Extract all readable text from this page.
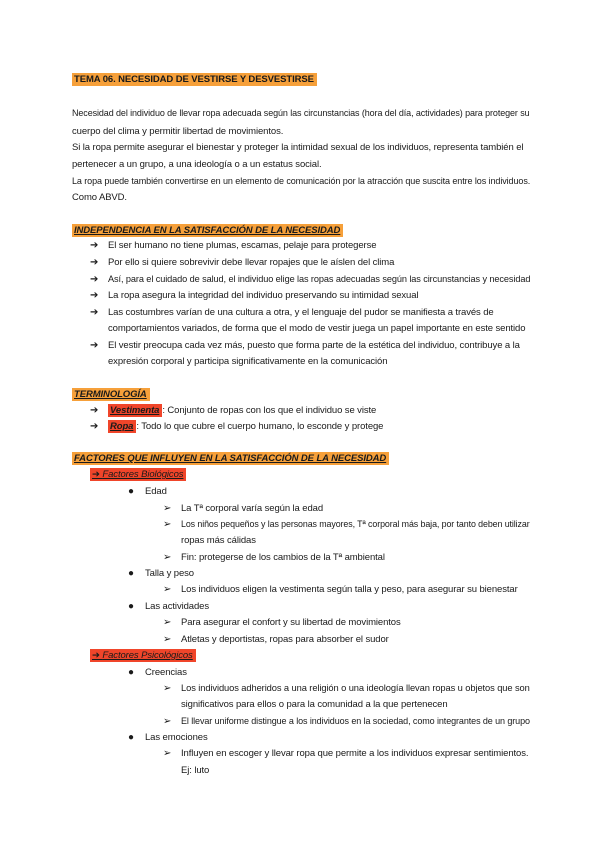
TEMA 06. NECESIDAD DE VESTIRSE Y DESVESTIRSE
Necesidad del individuo de llevar ropa adecuada según las circunstancias (hora del día, actividades) para proteger su
cuerpo del clima y permitir libertad de movimientos.
Si la ropa permite asegurar el bienestar y proteger la intimidad sexual de los individuos, representa también el
pertenecer a un grupo, a una ideología o a un estatus social.
La ropa puede también convertirse en un elemento de comunicación por la atracción que suscita entre los individuos.
Como ABVD.
INDEPENDENCIA EN LA SATISFACCIÓN DE LA NECESIDAD
➔ El ser humano no tiene plumas, escamas, pelaje para protegerse
➔ Por ello si quiere sobrevivir debe llevar ropajes que le aíslen del clima
➔ Así, para el cuidado de salud, el individuo elige las ropas adecuadas según las circunstancias y necesidad
➔ La ropa asegura la integridad del individuo preservando su intimidad sexual
➔ Las costumbres varían de una cultura a otra, y el lenguaje del pudor se manifiesta a través de
comportamientos variados, de forma que el modo de vestir juega un papel importante en este sentido
➔ El vestir preocupa cada vez más, puesto que forma parte de la estética del individuo, contribuye a la
expresión corporal y participa significativamente en la comunicación
TERMINOLOGÍA
➔ Vestimenta : Conjunto de ropas con los que el individuo se viste
➔ Ropa : Todo lo que cubre el cuerpo humano, lo esconde y protege
FACTORES QUE INFLUYEN EN LA SATISFACCIÓN DE LA NECESIDAD
➔ Factores Biológicos
● Edad
➢ La Tª corporal varía según la edad
➢ Los niños pequeños y las personas mayores, Tª corporal más baja, por tanto deben utilizar
ropas más cálidas
➢ Fin: protegerse de los cambios de la Tª ambiental
● Talla y peso
➢ Los individuos eligen la vestimenta según talla y peso, para asegurar su bienestar
● Las actividades
➢ Para asegurar el confort y su libertad de movimientos
➢ Atletas y deportistas, ropas para absorber el sudor
➔ Factores Psicológicos
● Creencias
➢ Los individuos adheridos a una religión o una ideología llevan ropas u objetos que son
significativos para ellos o para la comunidad a la que pertenecen
➢ El llevar uniforme distingue a los individuos en la sociedad, como integrantes de un grupo
● Las emociones
➢ Influyen en escoger y llevar ropa que permite a los individuos expresar sentimientos.
Ej: luto
